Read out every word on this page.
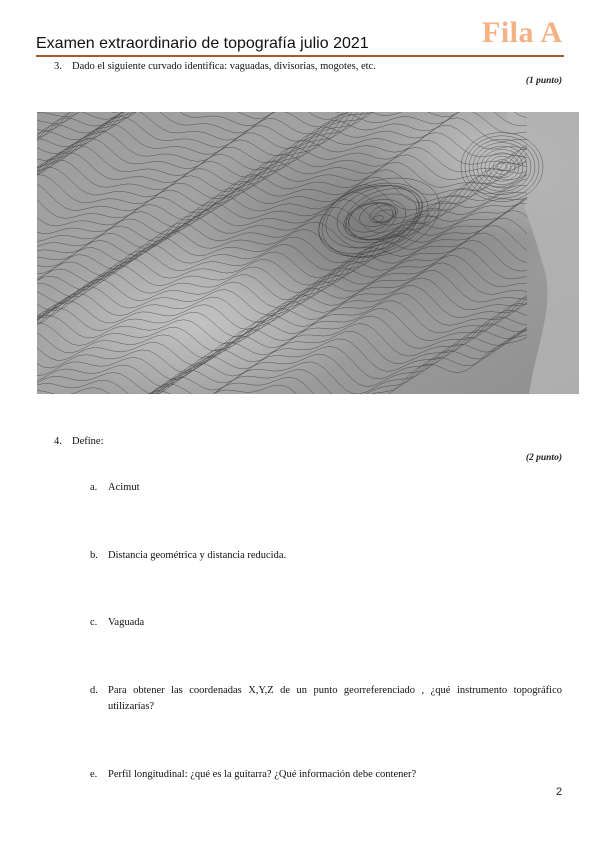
Examen extraordinario de topografía julio 2021	Fila A
3. Dado el siguiente curvado identifica: vaguadas, divisorias, mogotes, etc.
(1 punto)
4. Define:
(2 punto)
a. Acimut
b. Distancia geométrica y distancia reducida.
c. Vaguada
d. Para obtener las coordenadas X,Y,Z de un punto georreferenciado , ¿qué instrumento topográfico utilizarías?
e. Perfil longitudinal: ¿qué es la guitarra? ¿Qué información debe contener?
2
